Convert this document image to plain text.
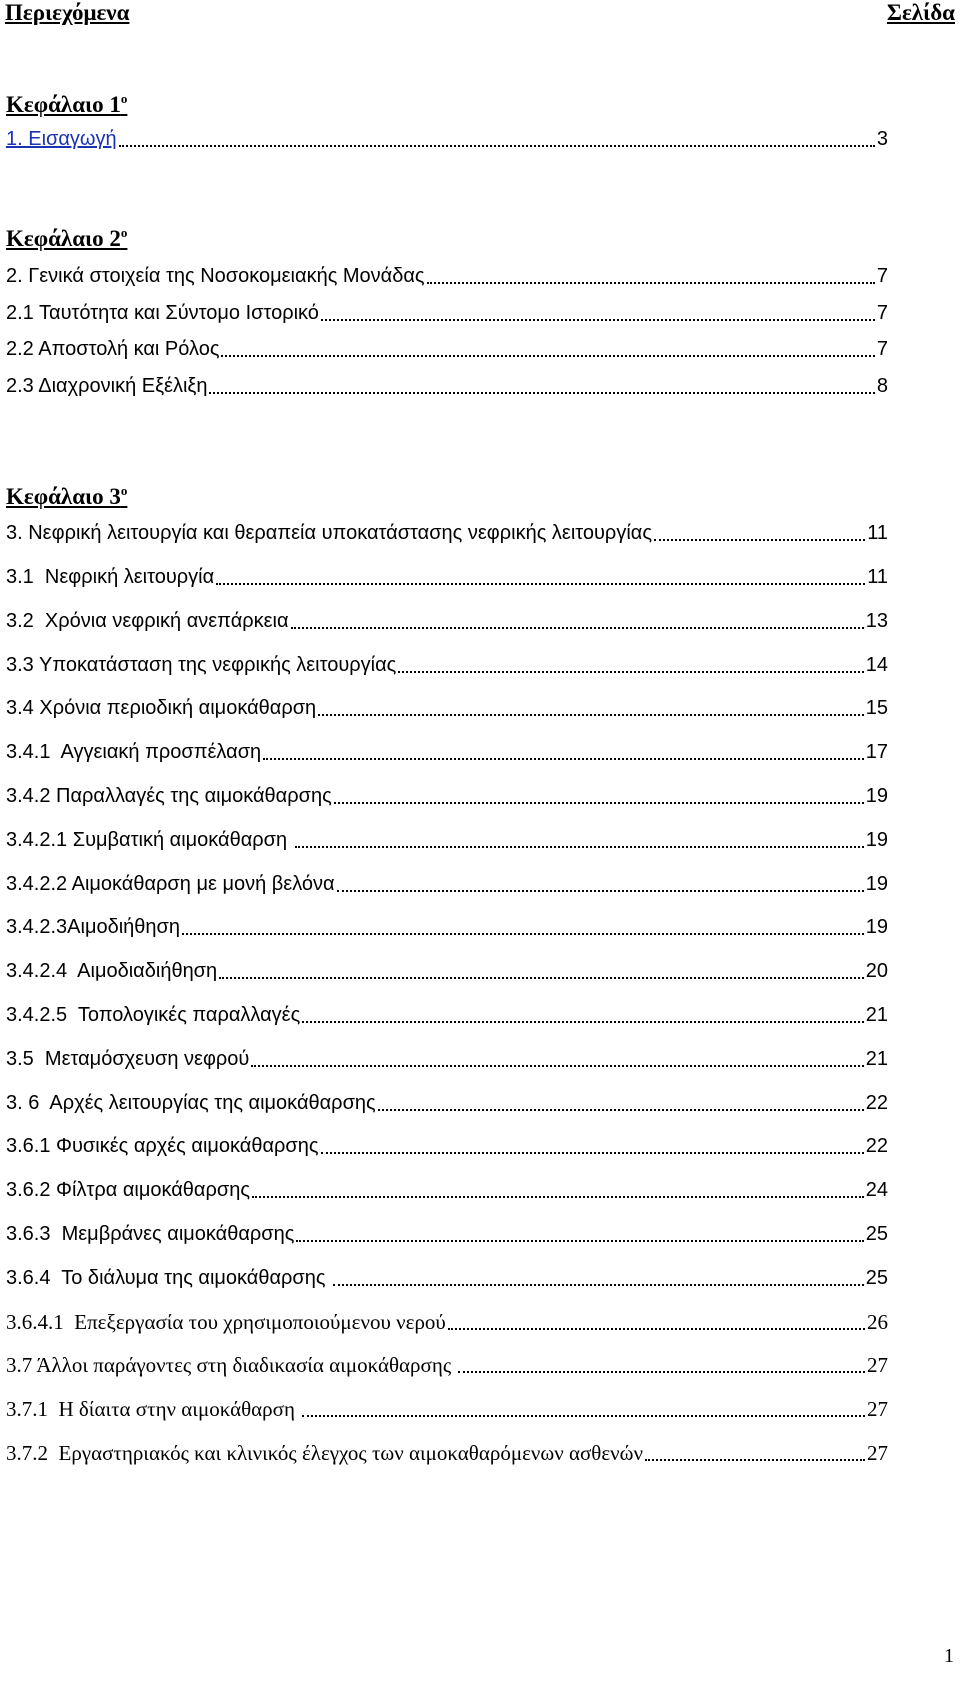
Περιεχόμενα	Σελίδα
Κεφάλαιο $1^o$
Κεφάλαιο $2^o$
Κεφάλαιο $3^o$
1. Εισαγωγή	3
2. Γενικά στοιχεία της Νοσοκομειακής Μονάδας	7
2.1 Ταυτότητα και Σύντομο Ιστορικό	7
2.2 Αποστολή και Ρόλος	7
2.3 Διαχρονική Εξέλιξη	8
3. Νεφρική λειτουργία και θεραπεία υποκατάστασης νεφρικής λειτουργίας	11
3.1  Νεφρική λειτουργία	11
3.2  Χρόνια νεφρική ανεπάρκεια	13
3.3 Υποκατάσταση της νεφρικής λειτουργίας	14
3.4 Χρόνια περιοδική αιμοκάθαρση	15
3.4.1  Αγγειακή προσπέλαση	17
3.4.2 Παραλλαγές της αιμοκάθαρσης	19
3.4.2.1 Συμβατική αιμοκάθαρση	19
3.4.2.2 Αιμοκάθαρση με μονή βελόνα	19
3.4.2.3Αιμοδιήθηση	19
3.4.2.4  Αιμοδιαδιήθηση	20
3.4.2.5  Τοπολογικές παραλλαγές	21
3.5  Μεταμόσχευση νεφρού	21
3. 6  Αρχές λειτουργίας της αιμοκάθαρσης	22
3.6.1 Φυσικές αρχές αιμοκάθαρσης	22
3.6.2 Φίλτρα αιμοκάθαρσης	24
3.6.3  Μεμβράνες αιμοκάθαρσης	25
3.6.4  Το διάλυμα της αιμοκάθαρσης	25
3.6.4.1  Επεξεργασία του χρησιμοποιούμενου νερού	26
3.7 Άλλοι παράγοντες στη διαδικασία αιμοκάθαρσης	27
3.7.1  Η δίαιτα στην αιμοκάθαρση	27
3.7.2  Εργαστηριακός και κλινικός έλεγχος των αιμοκαθαρόμενων ασθενών	27
1
